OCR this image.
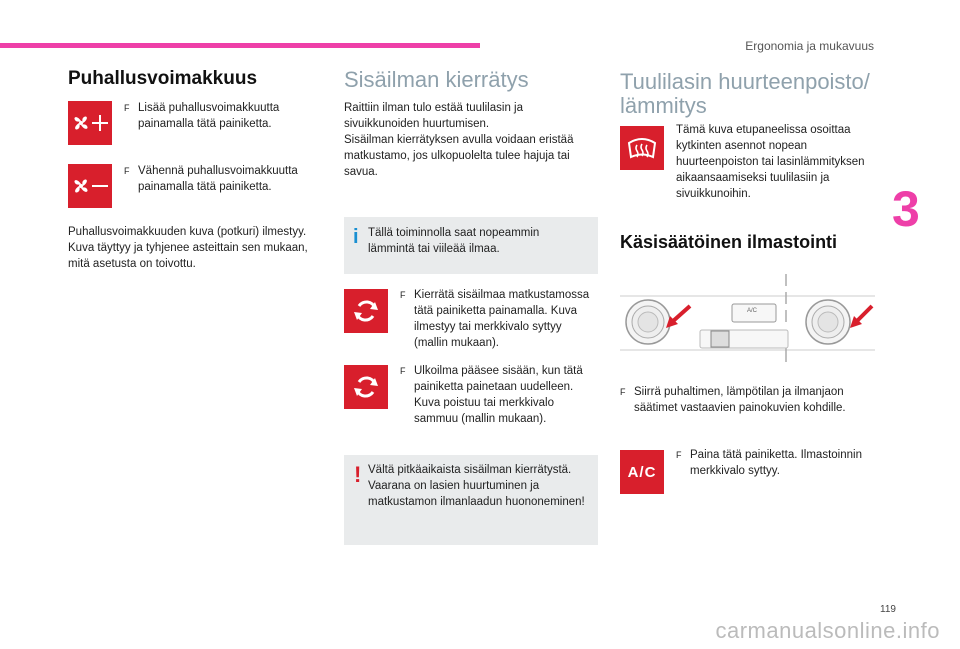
Ergonomia ja mukavuus
3
Puhallusvoimakkuus
F Lisää puhallusvoimakkuutta painamalla tätä painiketta.
F Vähennä puhallusvoimakkuutta painamalla tätä painiketta.
Puhallusvoimakkuuden kuva (potkuri) ilmestyy. Kuva täyttyy ja tyhjenee asteittain sen mukaan, mitä asetusta on toivottu.
Sisäilman kierrätys
Raittiin ilman tulo estää tuulilasin ja sivuikkunoiden huurtumisen.
Sisäilman kierrätyksen avulla voidaan eristää matkustamo, jos ulkopuolelta tulee hajuja tai savua.
i Tällä toiminnolla saat nopeammin lämmintä tai viileää ilmaa.
F Kierrätä sisäilmaa matkustamossa tätä painiketta painamalla. Kuva ilmestyy tai merkkivalo syttyy (mallin mukaan).
F Ulkoilma pääsee sisään, kun tätä painiketta painetaan uudelleen. Kuva poistuu tai merkkivalo sammuu (mallin mukaan).
! Vältä pitkäaikaista sisäilman kierrätystä. Vaarana on lasien huurtuminen ja matkustamon ilmanlaadun huononeminen!
Tuulilasin huurteenpoisto/ lämmitys
Tämä kuva etupaneelissa osoittaa kytkinten asennot nopean huurteenpoiston tai lasinlämmityksen aikaansaamiseksi tuulilasiin ja sivuikkunoihin.
Käsisäätöinen ilmastointi
A/C
F Siirrä puhaltimen, lämpötilan ja ilmanjaon säätimet vastaavien painokuvien kohdille.
A/C
F Paina tätä painiketta. Ilmastoinnin merkkivalo syttyy.
119
carmanualsonline.info
